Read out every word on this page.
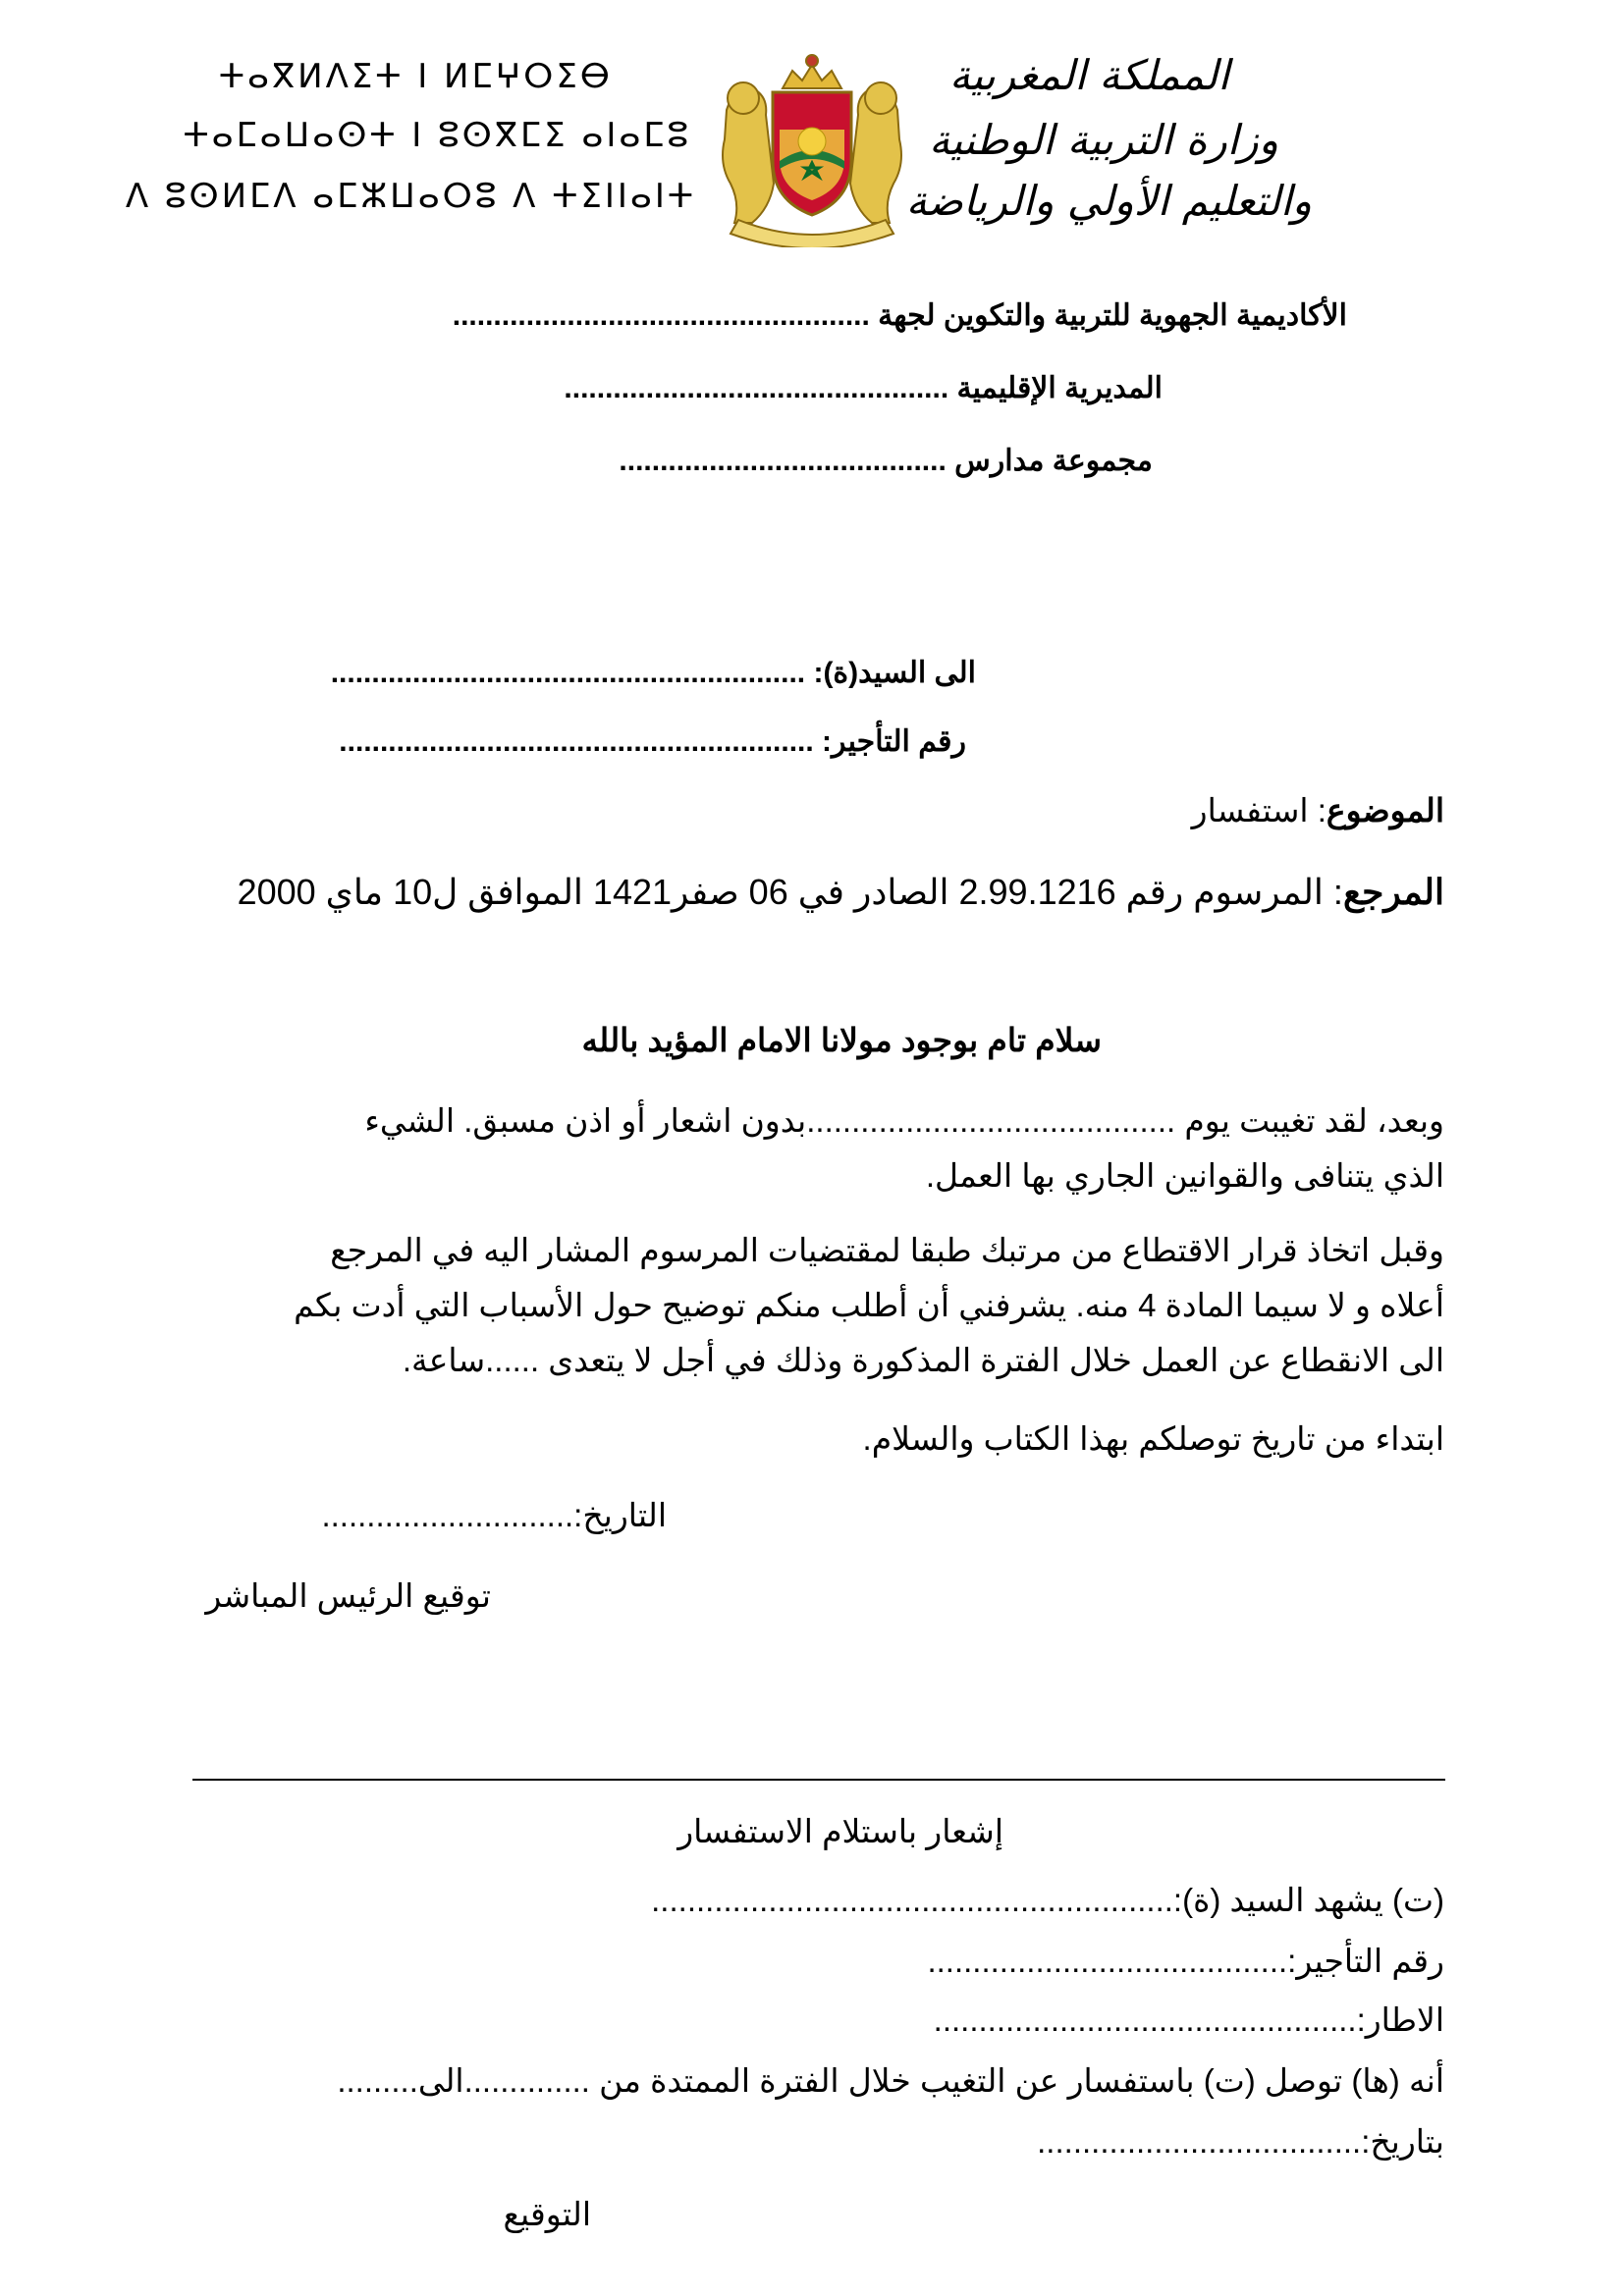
ⵜⴰⴳⵍⴷⵉⵜ ⵏ ⵍⵎⵖⵔⵉⴱ
ⵜⴰⵎⴰⵡⴰⵙⵜ ⵏ ⵓⵙⴳⵎⵉ ⴰⵏⴰⵎⵓ
ⴷ ⵓⵙⵍⵎⴷ ⴰⵎⵣⵡⴰⵔⵓ ⴷ ⵜⵉⵏⵏⴰⵏⵜ
المملكة المغربية
وزارة التربية الوطنية
والتعليم الأولي والرياضة
الأكاديمية الجهوية للتربية والتكوين لجهة ...................................................
المديرية الإقليمية ...............................................
مجموعة مدارس ........................................
الى السيد(ة): ..........................................................
رقم التأجير: ..........................................................
الموضوع: استفسار
المرجع: المرسوم رقم 2.99.1216 الصادر في 06 صفر1421 الموافق ل10 ماي 2000
سلام تام بوجود مولانا الامام المؤيد بالله
وبعد، لقد تغيبت يوم .........................................بدون اشعار أو اذن مسبق. الشيء
الذي يتنافى والقوانين الجاري بها العمل.
وقبل اتخاذ قرار الاقتطاع من مرتبك طبقا لمقتضيات المرسوم المشار اليه في المرجع
أعلاه و لا سيما المادة 4 منه. يشرفني أن أطلب منكم توضيح حول الأسباب التي أدت بكم
الى الانقطاع عن العمل خلال الفترة المذكورة وذلك في أجل لا يتعدى ......ساعة.
ابتداء من تاريخ توصلكم بهذا الكتاب والسلام.
التاريخ:............................
توقيع الرئيس المباشر
إشعار باستلام الاستفسار
(ت) يشهد السيد (ة):..........................................................
رقم التأجير:........................................
الاطار:...............................................
أنه (ها) توصل (ت) باستفسار عن التغيب خلال الفترة الممتدة من ..............الى.........
بتاريخ:....................................
التوقيع
